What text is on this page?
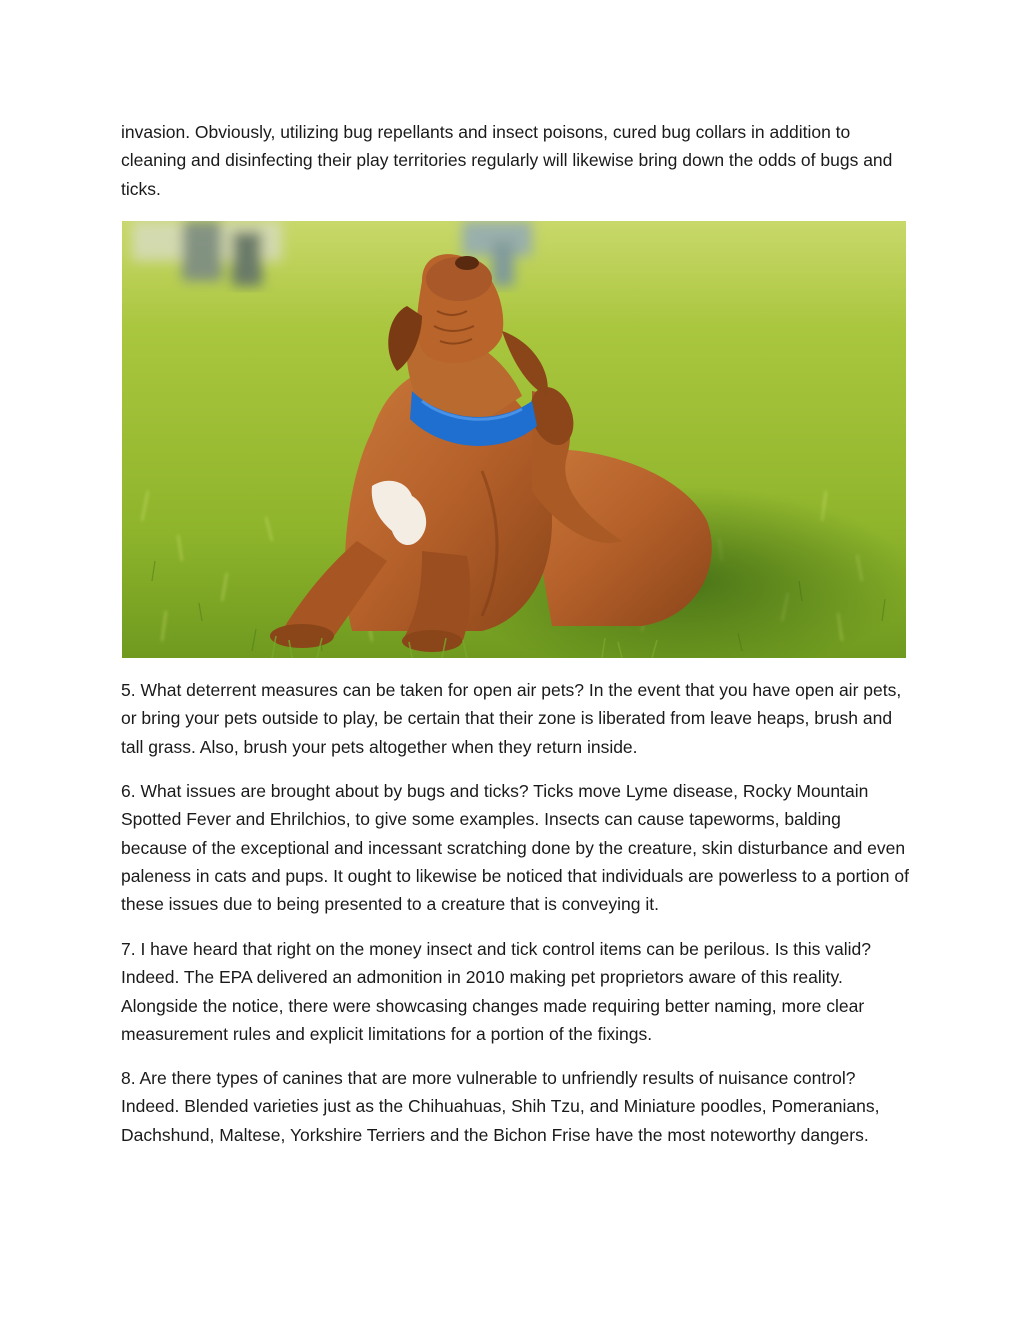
invasion. Obviously, utilizing bug repellants and insect poisons, cured bug collars in addition to cleaning and disinfecting their play territories regularly will likewise bring down the odds of bugs and ticks.

5. What deterrent measures can be taken for open air pets? In the event that you have open air pets, or bring your pets outside to play, be certain that their zone is liberated from leave heaps, brush and tall grass. Also, brush your pets altogether when they return inside.

6. What issues are brought about by bugs and ticks? Ticks move Lyme disease, Rocky Mountain Spotted Fever and Ehrilchios, to give some examples. Insects can cause tapeworms, balding because of the exceptional and incessant scratching done by the creature, skin disturbance and even paleness in cats and pups. It ought to likewise be noticed that individuals are powerless to a portion of these issues due to being presented to a creature that is conveying it.

7. I have heard that right on the money insect and tick control items can be perilous. Is this valid? Indeed. The EPA delivered an admonition in 2010 making pet proprietors aware of this reality. Alongside the notice, there were showcasing changes made requiring better naming, more clear measurement rules and explicit limitations for a portion of the fixings.

8. Are there types of canines that are more vulnerable to unfriendly results of nuisance control? Indeed. Blended varieties just as the Chihuahuas, Shih Tzu, and Miniature poodles, Pomeranians, Dachshund, Maltese, Yorkshire Terriers and the Bichon Frise have the most noteworthy dangers.
